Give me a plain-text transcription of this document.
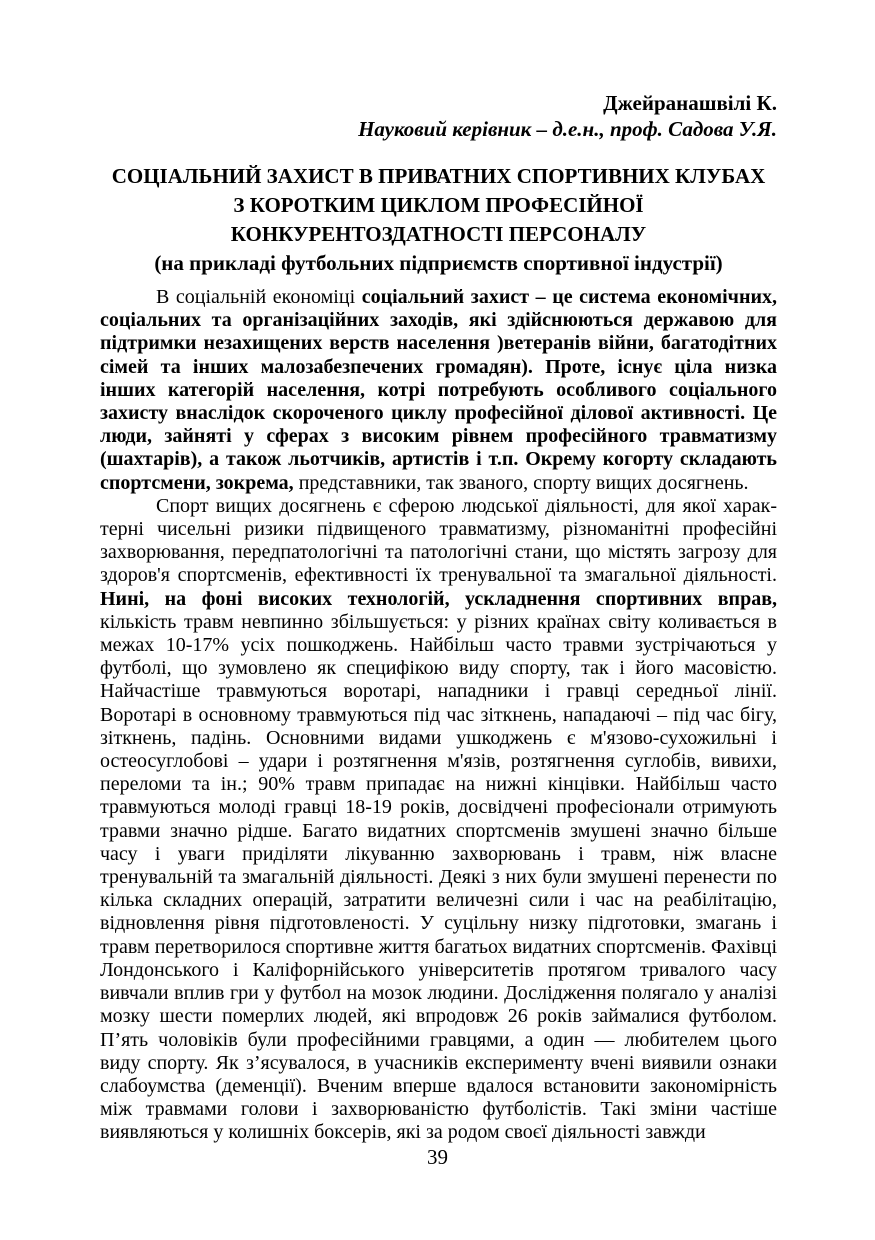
Джейранашвілі К.
Науковий керівник – д.е.н., проф. Садова У.Я.
СОЦІАЛЬНИЙ ЗАХИСТ В ПРИВАТНИХ СПОРТИВНИХ КЛУБАХ
З КОРОТКИМ ЦИКЛОМ ПРОФЕСІЙНОЇ
КОНКУРЕНТОЗДАТНОСТІ ПЕРСОНАЛУ
(на прикладі футбольних підприємств спортивної індустрії)

В соціальній економіці соціальний захист – це система економічних, соціальних та організаційних заходів, які здійснюються державою для підтримки незахищених верств населення )ветеранів війни, багатодітних сімей та інших малозабезпечених громадян). Проте, існує ціла низка інших категорій населення, котрі потребують особливого соціального захисту внаслідок скороченого циклу професійної ділової активності. Це люди, зайняті у сферах з високим рівнем професійного травматизму (шахтарів), а також льотчиків, артистів і т.п. Окрему когорту складають спортсмени, зокрема, представники, так званого, спорту вищих досягнень.

Спорт вищих досягнень є сферою людської діяльності, для якої харак-терні чисельні ризики підвищеного травматизму, різноманітні професійні захворювання, передпатологічні та патологічні стани, що містять загрозу для здоров'я спортсменів, ефективності їх тренувальної та змагальної діяльності. Нині, на фоні високих технологій, ускладнення спортивних вправ, кількість травм невпинно збільшується: у різних країнах світу коливається в межах 10-17% усіх пошкоджень. Найбільш часто травми зустрічаються у футболі, що зумовлено як специфікою виду спорту, так і його масовістю. Найчастіше травмуються воротарі, нападники і гравці середньої лінії. Воротарі в основному травмуються під час зіткнень, нападаючі – під час бігу, зіткнень, падінь. Основними видами ушкоджень є м'язово-сухожильні і остеосуглобові – удари і розтягнення м'язів, розтягнення суглобів, вивихи, переломи та ін.; 90% травм припадає на нижні кінцівки. Найбільш часто травмуються молоді гравці 18-19 років, досвідчені професіонали отримують травми значно рідше. Багато видатних спортсменів змушені значно більше часу і уваги приділяти лікуванню захворювань і травм, ніж власне тренувальній та змагальній діяльності. Деякі з них були змушені перенести по кілька складних операцій, затратити величезні сили і час на реабілітацію, відновлення рівня підготовленості. У суцільну низку підготовки, змагань і травм перетворилося спортивне життя багатьох видатних спортсменів. Фахівці Лондонського і Каліфорнійського університетів протягом тривалого часу вивчали вплив гри у футбол на мозок людини. Дослідження полягало у аналізі мозку шести померлих людей, які впродовж 26 років займалися футболом. П’ять чоловіків були професійними гравцями, а один — любителем цього виду спорту. Як з’ясувалося, в учасників експерименту вчені виявили ознаки слабоумства (деменції). Вченим вперше вдалося встановити закономірність між травмами голови і захворюваністю футболістів. Такі зміни частіше виявляються у колишніх боксерів, які за родом своєї діяльності завжди

39
